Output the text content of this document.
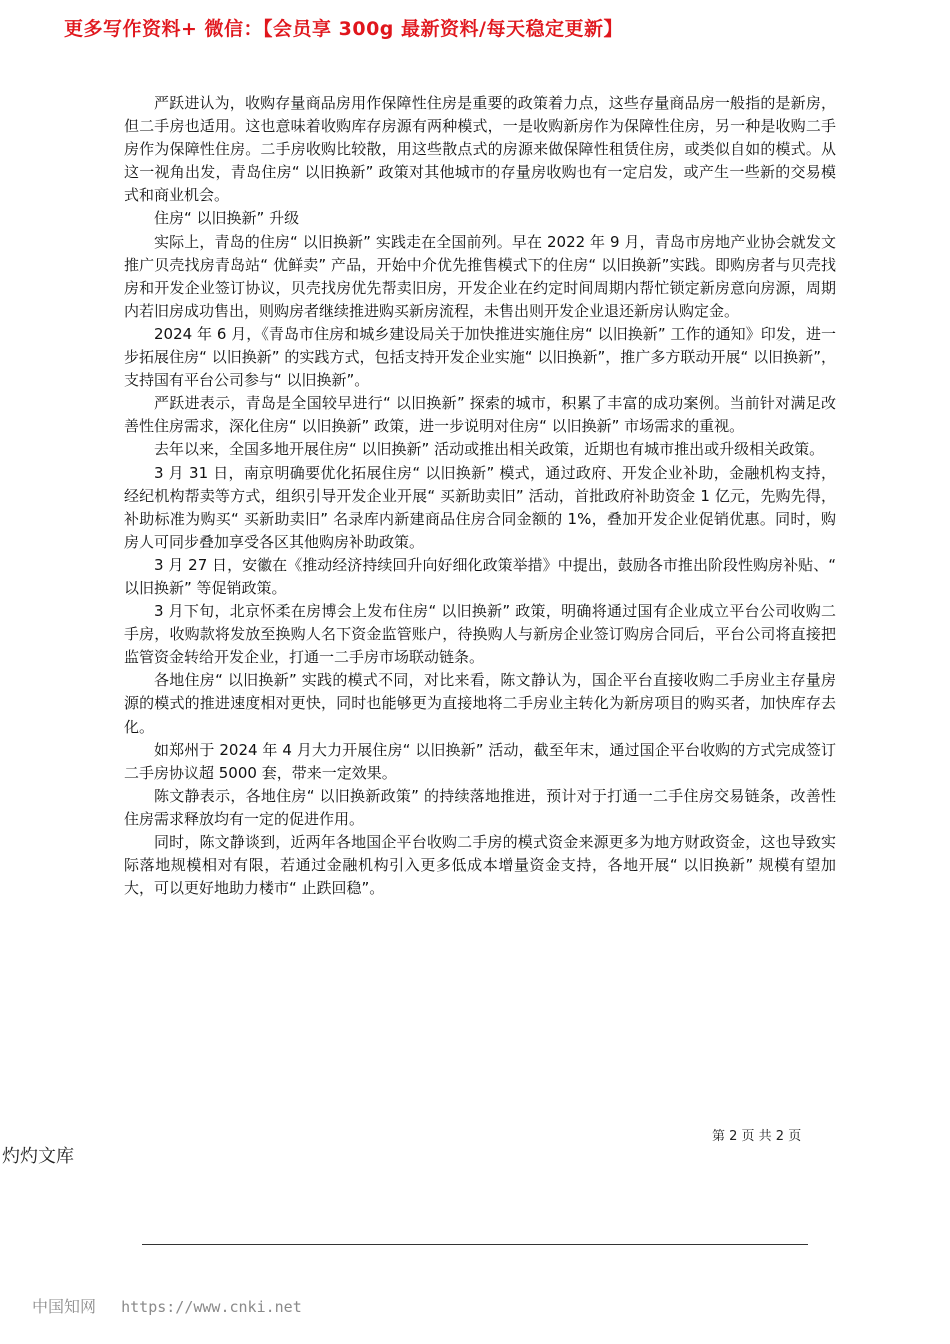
更多写作资料+ 微信：【会员享 300g 最新资料/每天稳定更新】

严跃进认为，收购存量商品房用作保障性住房是重要的政策着力点，这些存量商品房一般指的是新房，但二手房也适用。这也意味着收购库存房源有两种模式，一是收购新房作为保障性住房，另一种是收购二手房作为保障性住房。二手房收购比较散，用这些散点式的房源来做保障性租赁住房，或类似自如的模式。从这一视角出发，青岛住房“ 以旧换新” 政策对其他城市的存量房收购也有一定启发，或产生一些新的交易模式和商业机会。

住房“ 以旧换新” 升级

实际上，青岛的住房“ 以旧换新” 实践走在全国前列。早在 2022 年 9 月，青岛市房地产业协会就发文推广贝壳找房青岛站“ 优鲜卖” 产品，开始中介优先推售模式下的住房“ 以旧换新”实践。即购房者与贝壳找房和开发企业签订协议，贝壳找房优先帮卖旧房，开发企业在约定时间周期内帮忙锁定新房意向房源，周期内若旧房成功售出，则购房者继续推进购买新房流程，未售出则开发企业退还新房认购定金。

2024 年 6 月，《青岛市住房和城乡建设局关于加快推进实施住房“ 以旧换新” 工作的通知》印发，进一步拓展住房“ 以旧换新” 的实践方式，包括支持开发企业实施“ 以旧换新”，推广多方联动开展“ 以旧换新”，支持国有平台公司参与“ 以旧换新”。

严跃进表示，青岛是全国较早进行“ 以旧换新” 探索的城市，积累了丰富的成功案例。当前针对满足改善性住房需求，深化住房“ 以旧换新” 政策，进一步说明对住房“ 以旧换新” 市场需求的重视。

去年以来，全国多地开展住房“ 以旧换新” 活动或推出相关政策，近期也有城市推出或升级相关政策。

3 月 31 日，南京明确要优化拓展住房“ 以旧换新” 模式，通过政府、开发企业补助，金融机构支持，经纪机构帮卖等方式，组织引导开发企业开展“ 买新助卖旧” 活动，首批政府补助资金 1 亿元，先购先得，补助标准为购买“ 买新助卖旧” 名录库内新建商品住房合同金额的 1%，叠加开发企业促销优惠。同时，购房人可同步叠加享受各区其他购房补助政策。

3 月 27 日，安徽在《推动经济持续回升向好细化政策举措》中提出，鼓励各市推出阶段性购房补贴、“ 以旧换新” 等促销政策。

3 月下旬，北京怀柔在房博会上发布住房“ 以旧换新” 政策，明确将通过国有企业成立平台公司收购二手房，收购款将发放至换购人名下资金监管账户，待换购人与新房企业签订购房合同后，平台公司将直接把监管资金转给开发企业，打通一二手房市场联动链条。

各地住房“ 以旧换新” 实践的模式不同，对比来看，陈文静认为，国企平台直接收购二手房业主存量房源的模式的推进速度相对更快，同时也能够更为直接地将二手房业主转化为新房项目的购买者，加快库存去化。

如郑州于 2024 年 4 月大力开展住房“ 以旧换新” 活动，截至年末，通过国企平台收购的方式完成签订二手房协议超 5000 套，带来一定效果。

陈文静表示，各地住房“ 以旧换新政策” 的持续落地推进，预计对于打通一二手住房交易链条，改善性住房需求释放均有一定的促进作用。

同时，陈文静谈到，近两年各地国企平台收购二手房的模式资金来源更多为地方财政资金，这也导致实际落地规模相对有限，若通过金融机构引入更多低成本增量资金支持，各地开展“ 以旧换新” 规模有望加大，可以更好地助力楼市“ 止跌回稳”。

第 2 页 共 2 页
灼灼文库
中国知网 https://www.cnki.net
